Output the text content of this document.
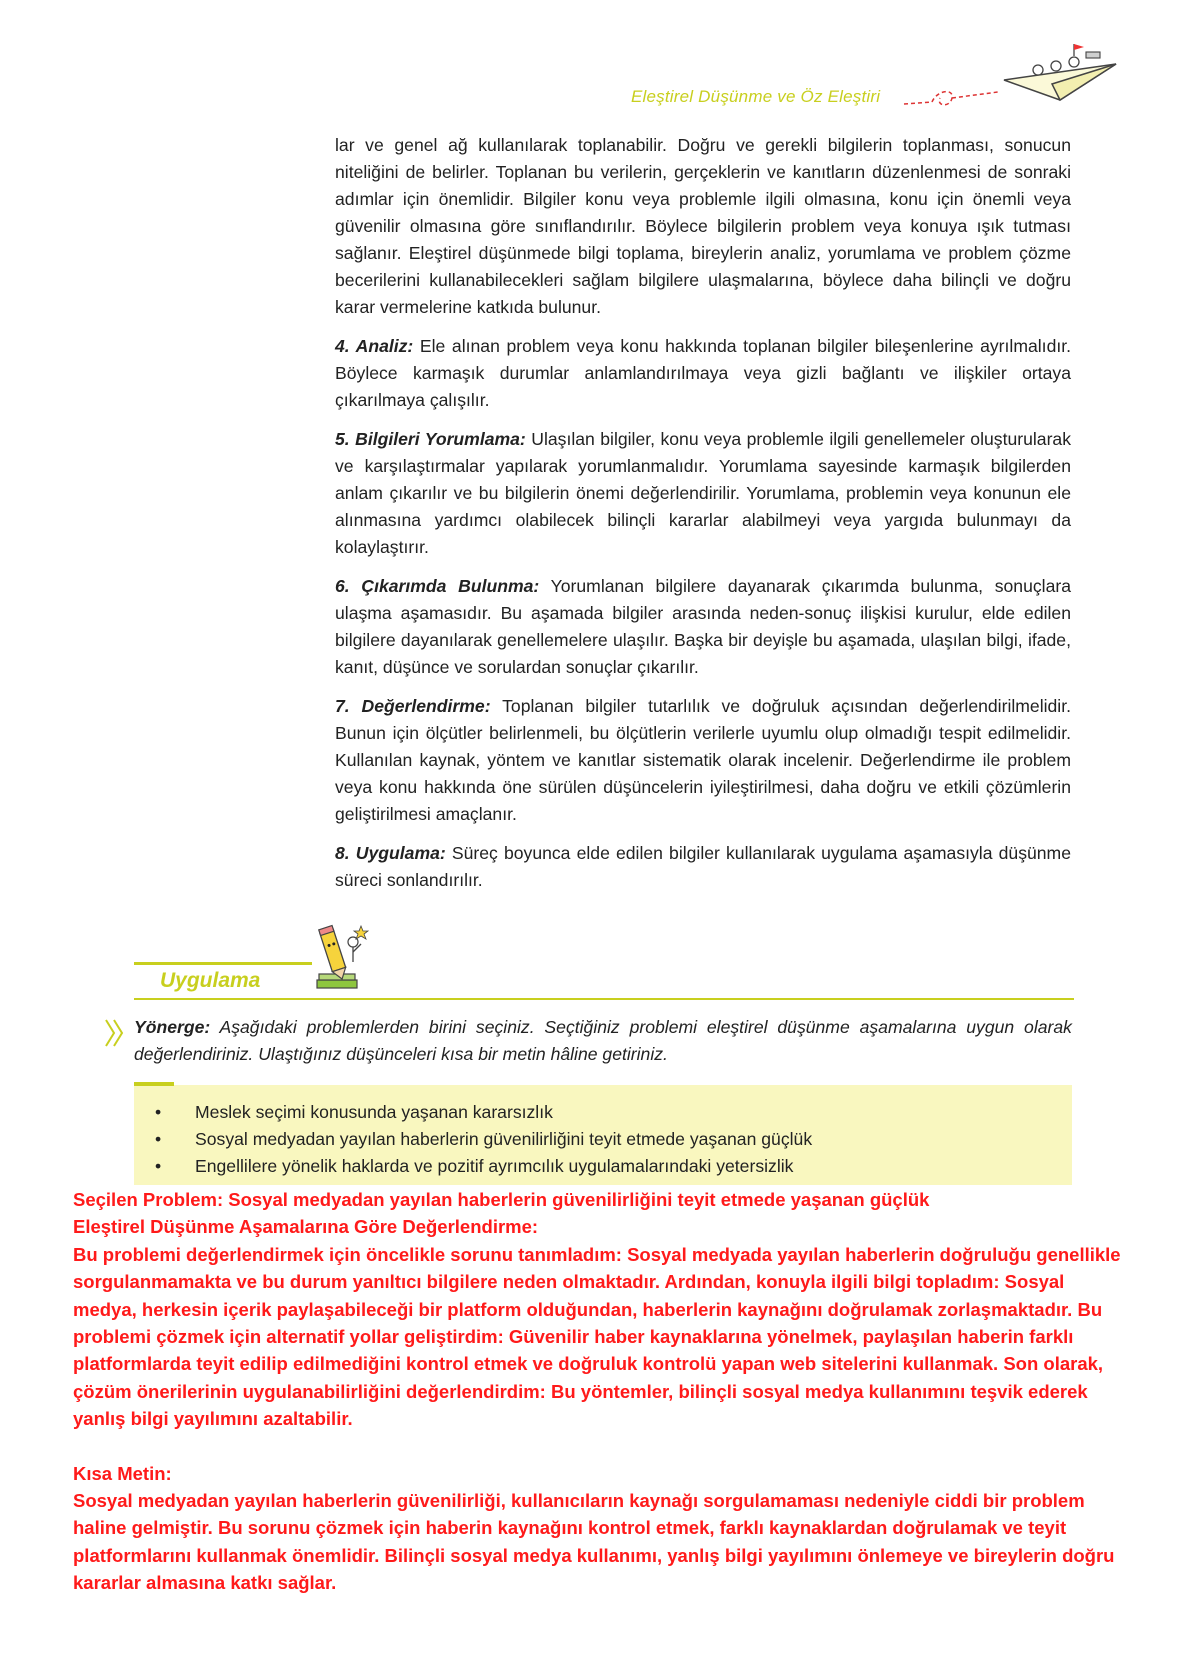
Eleştirel Düşünme ve Öz Eleştiri

lar ve genel ağ kullanılarak toplanabilir. Doğru ve gerekli bilgilerin toplanması, sonucun niteliğini de belirler. Toplanan bu verilerin, gerçeklerin ve kanıtların düzenlenmesi de sonraki adımlar için önemlidir. Bilgiler konu veya problemle ilgili olmasına, konu için önemli veya güvenilir olmasına göre sınıflandırılır. Böylece bilgilerin problem veya konuya ışık tutması sağlanır. Eleştirel düşünmede bilgi toplama, bireylerin analiz, yorumlama ve problem çözme becerilerini kullanabilecekleri sağlam bilgilere ulaşmalarına, böylece daha bilinçli ve doğru karar vermelerine katkıda bulunur.

4. Analiz: Ele alınan problem veya konu hakkında toplanan bilgiler bileşenlerine ayrılmalıdır. Böylece karmaşık durumlar anlamlandırılmaya veya gizli bağlantı ve ilişkiler ortaya çıkarılmaya çalışılır.

5. Bilgileri Yorumlama: Ulaşılan bilgiler, konu veya problemle ilgili genellemeler oluşturularak ve karşılaştırmalar yapılarak yorumlanmalıdır. Yorumlama sayesinde karmaşık bilgilerden anlam çıkarılır ve bu bilgilerin önemi değerlendirilir. Yorumlama, problemin veya konunun ele alınmasına yardımcı olabilecek bilinçli kararlar alabilmeyi veya yargıda bulunmayı da kolaylaştırır.

6. Çıkarımda Bulunma: Yorumlanan bilgilere dayanarak çıkarımda bulunma, sonuçlara ulaşma aşamasıdır. Bu aşamada bilgiler arasında neden-sonuç ilişkisi kurulur, elde edilen bilgilere dayanılarak genellemelere ulaşılır. Başka bir deyişle bu aşamada, ulaşılan bilgi, ifade, kanıt, düşünce ve sorulardan sonuçlar çıkarılır.

7. Değerlendirme: Toplanan bilgiler tutarlılık ve doğruluk açısından değerlendirilmelidir. Bunun için ölçütler belirlenmeli, bu ölçütlerin verilerle uyumlu olup olmadığı tespit edilmelidir. Kullanılan kaynak, yöntem ve kanıtlar sistematik olarak incelenir. Değerlendirme ile problem veya konu hakkında öne sürülen düşüncelerin iyileştirilmesi, daha doğru ve etkili çözümlerin geliştirilmesi amaçlanır.

8. Uygulama: Süreç boyunca elde edilen bilgiler kullanılarak uygulama aşamasıyla düşünme süreci sonlandırılır.

Uygulama
Yönerge: Aşağıdaki problemlerden birini seçiniz. Seçtiğiniz problemi eleştirel düşünme aşamalarına uygun olarak değerlendiriniz. Ulaştığınız düşünceleri kısa bir metin hâline getiriniz.
• Meslek seçimi konusunda yaşanan kararsızlık
• Sosyal medyadan yayılan haberlerin güvenilirliğini teyit etmede yaşanan güçlük
• Engellilere yönelik haklarda ve pozitif ayrımcılık uygulamalarındaki yetersizlik
Seçilen Problem: Sosyal medyadan yayılan haberlerin güvenilirliğini teyit etmede yaşanan güçlük
Eleştirel Düşünme Aşamalarına Göre Değerlendirme:
Bu problemi değerlendirmek için öncelikle sorunu tanımladım: Sosyal medyada yayılan haberlerin doğruluğu genellikle sorgulanmamakta ve bu durum yanıltıcı bilgilere neden olmaktadır. Ardından, konuyla ilgili bilgi topladım: Sosyal medya, herkesin içerik paylaşabileceği bir platform olduğundan, haberlerin kaynağını doğrulamak zorlaşmaktadır. Bu problemi çözmek için alternatif yollar geliştirdim: Güvenilir haber kaynaklarına yönelmek, paylaşılan haberin farklı platformlarda teyit edilip edilmediğini kontrol etmek ve doğruluk kontrolü yapan web sitelerini kullanmak. Son olarak, çözüm önerilerinin uygulanabilirliğini değerlendirdim: Bu yöntemler, bilinçli sosyal medya kullanımını teşvik ederek yanlış bilgi yayılımını azaltabilir.
Kısa Metin:
Sosyal medyadan yayılan haberlerin güvenilirliği, kullanıcıların kaynağı sorgulamaması nedeniyle ciddi bir problem haline gelmiştir. Bu sorunu çözmek için haberin kaynağını kontrol etmek, farklı kaynaklardan doğrulamak ve teyit platformlarını kullanmak önemlidir. Bilinçli sosyal medya kullanımı, yanlış bilgi yayılımını önlemeye ve bireylerin doğru kararlar almasına katkı sağlar.
